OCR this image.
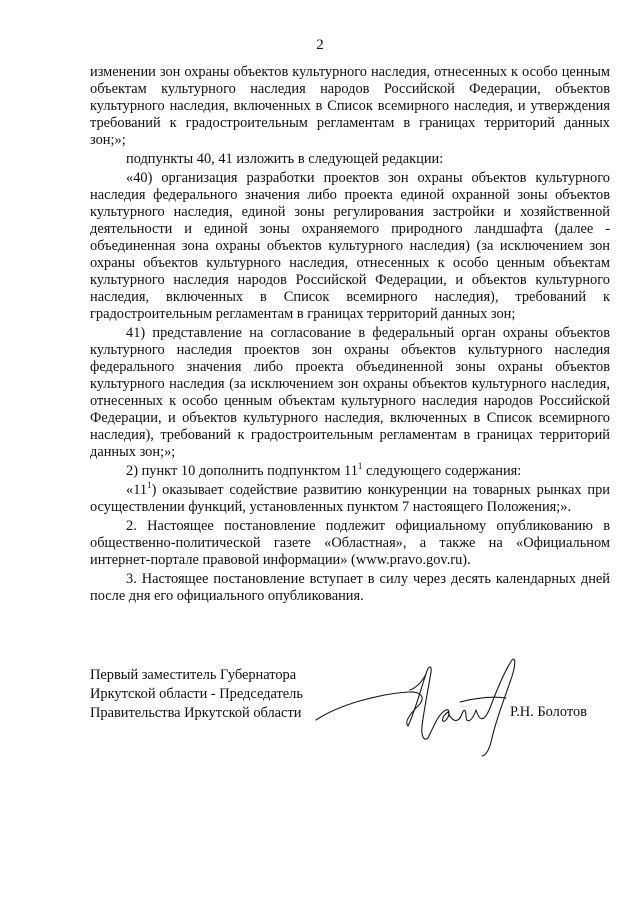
2

изменении зон охраны объектов культурного наследия, отнесенных к особо ценным объектам культурного наследия народов Российской Федерации, объектов культурного наследия, включенных в Список всемирного наследия, и утверждения требований к градостроительным регламентам в границах территорий данных зон;»;

подпункты 40, 41 изложить в следующей редакции:

«40) организация разработки проектов зон охраны объектов культурного наследия федерального значения либо проекта единой охранной зоны объектов культурного наследия, единой зоны регулирования застройки и хозяйственной деятельности и единой зоны охраняемого природного ландшафта (далее - объединенная зона охраны объектов культурного наследия) (за исключением зон охраны объектов культурного наследия, отнесенных к особо ценным объектам культурного наследия народов Российской Федерации, и объектов культурного наследия, включенных в Список всемирного наследия), требований к градостроительным регламентам в границах территорий данных зон;

41) представление на согласование в федеральный орган охраны объектов культурного наследия проектов зон охраны объектов культурного наследия федерального значения либо проекта объединенной зоны охраны объектов культурного наследия (за исключением зон охраны объектов культурного наследия, отнесенных к особо ценным объектам культурного наследия народов Российской Федерации, и объектов культурного наследия, включенных в Список всемирного наследия), требований к градостроительным регламентам в границах территорий данных зон;»;

2) пункт 10 дополнить подпунктом $11^1$ следующего содержания:

«$11^1$) оказывает содействие развитию конкуренции на товарных рынках при осуществлении функций, установленных пунктом 7 настоящего Положения;».

2. Настоящее постановление подлежит официальному опубликованию в общественно-политической газете «Областная», а также на «Официальном интернет-портале правовой информации» (www.pravo.gov.ru).

3. Настоящее постановление вступает в силу через десять календарных дней после дня его официального опубликования.

Первый заместитель Губернатора
Иркутской области - Председатель
Правительства Иркутской области	Р.Н. Болотов
